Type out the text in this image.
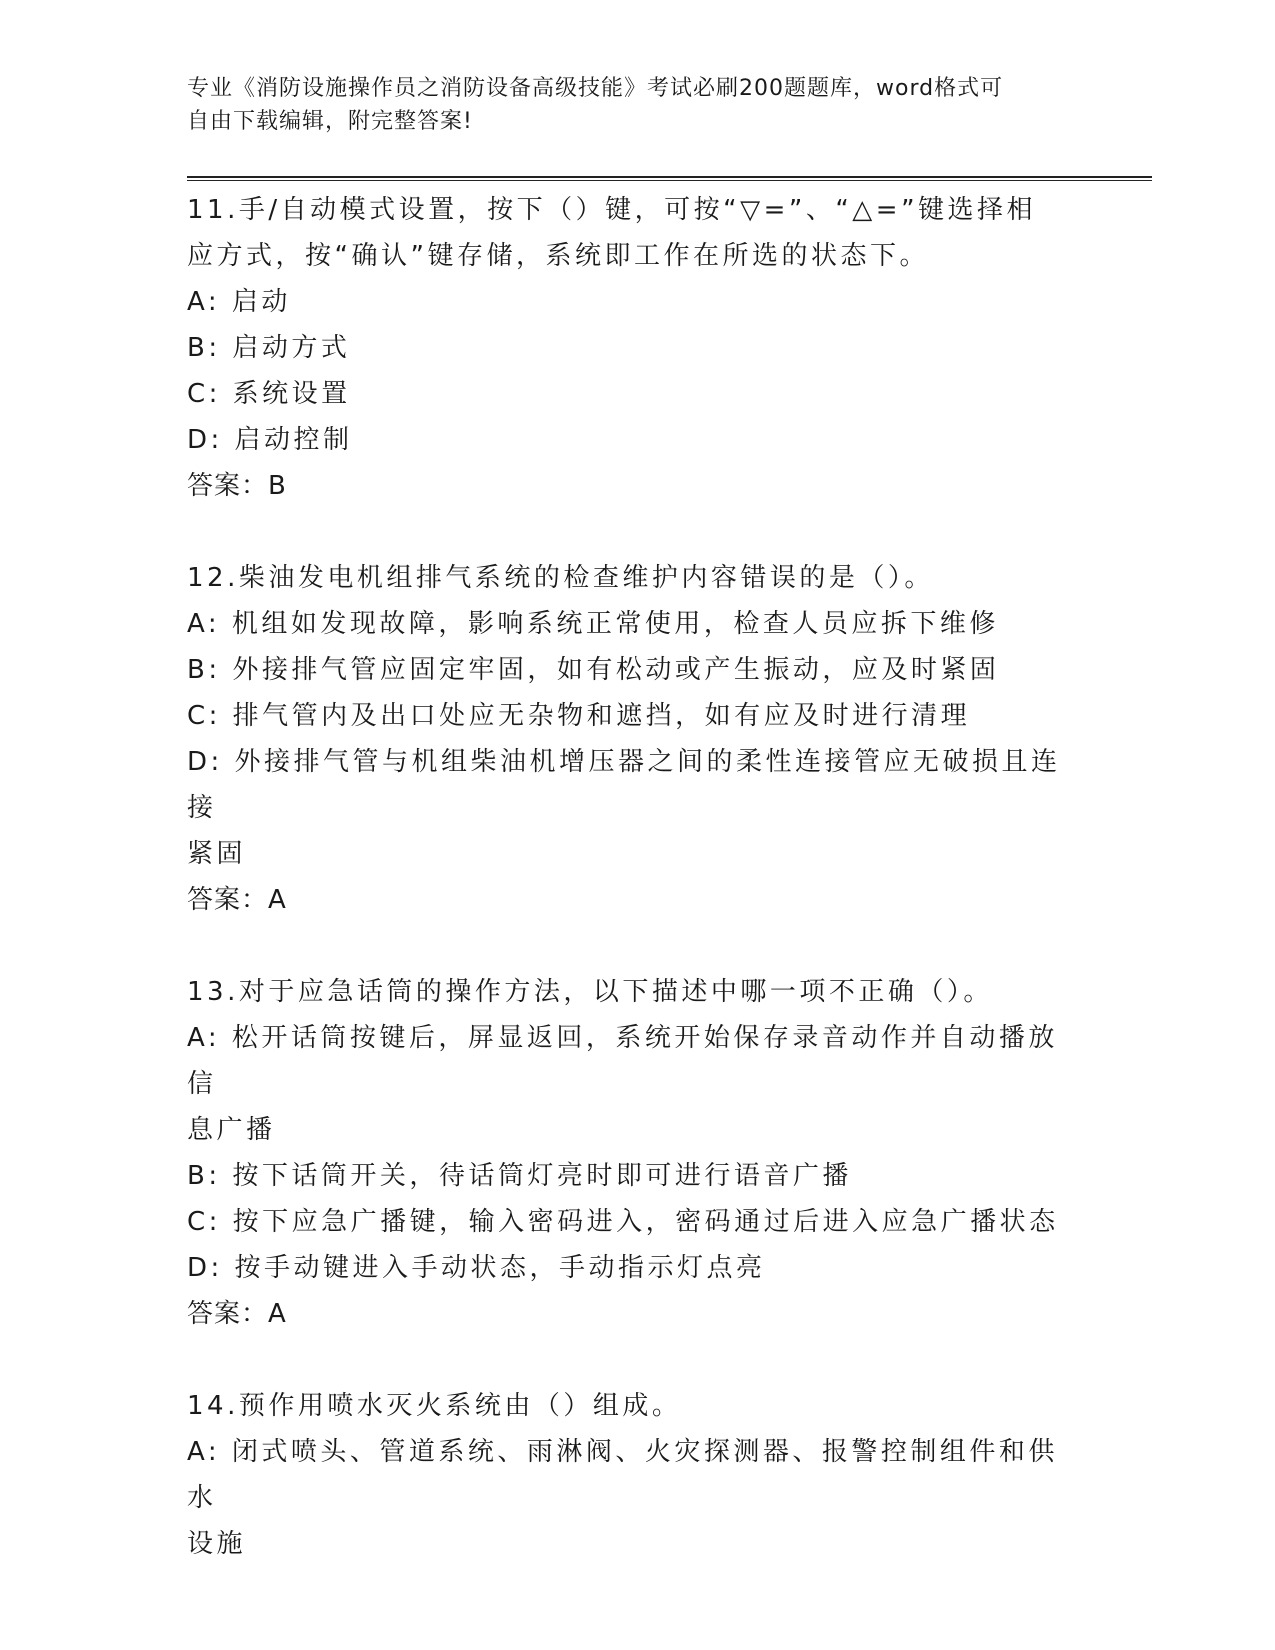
专业《消防设施操作员之消防设备高级技能》考试必刷200题题库，word格式可
自由下载编辑，附完整答案!
11.手/自动模式设置，按下（）键，可按“▽=”、“△=”键选择相
应方式，按“确认”键存储，系统即工作在所选的状态下。
A: 启动
B: 启动方式
C: 系统设置
D: 启动控制
答案：B
12.柴油发电机组排气系统的检查维护内容错误的是（）。
A: 机组如发现故障，影响系统正常使用，检查人员应拆下维修
B: 外接排气管应固定牢固，如有松动或产生振动，应及时紧固
C: 排气管内及出口处应无杂物和遮挡，如有应及时进行清理
D: 外接排气管与机组柴油机增压器之间的柔性连接管应无破损且连接
紧固
答案：A
13.对于应急话筒的操作方法，以下描述中哪一项不正确（）。
A: 松开话筒按键后，屏显返回，系统开始保存录音动作并自动播放信
息广播
B: 按下话筒开关，待话筒灯亮时即可进行语音广播
C: 按下应急广播键，输入密码进入，密码通过后进入应急广播状态
D: 按手动键进入手动状态，手动指示灯点亮
答案：A
14.预作用喷水灭火系统由（）组成。
A: 闭式喷头、管道系统、雨淋阀、火灾探测器、报警控制组件和供水
设施
